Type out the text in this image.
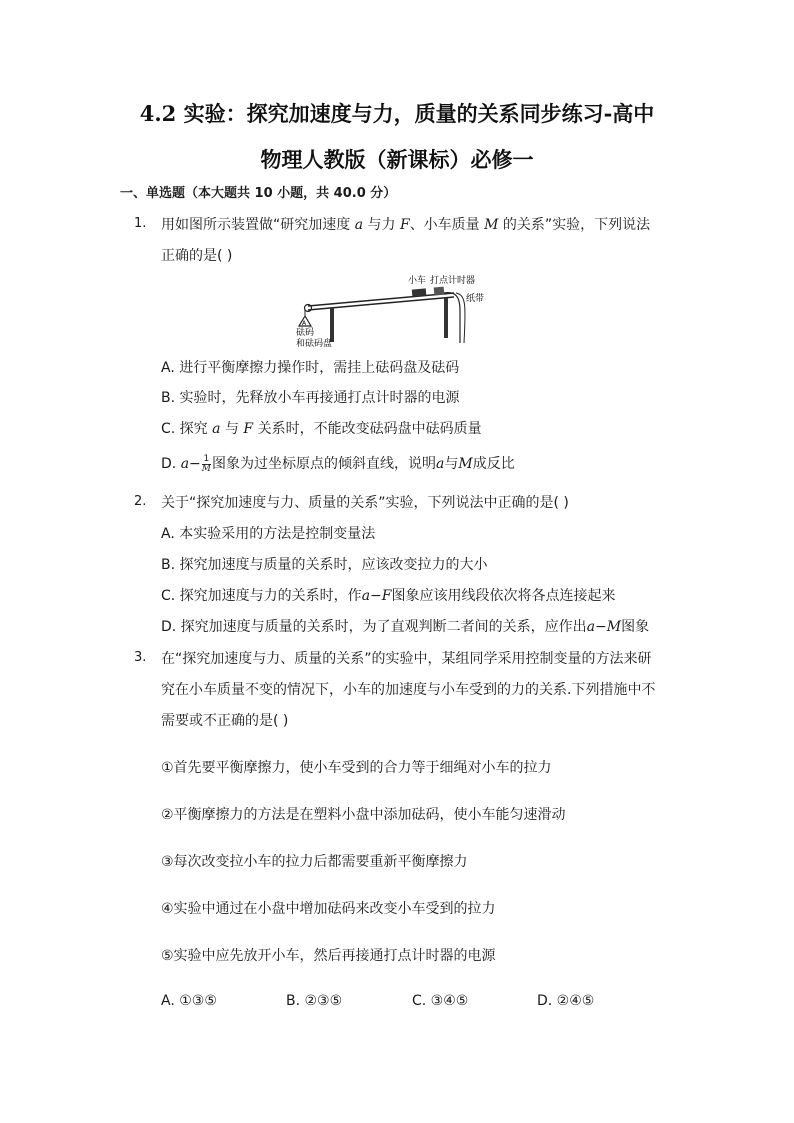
4.2 实验：探究加速度与力，质量的关系同步练习-高中
物理人教版（新课标）必修一
一、单选题（本大题共 10 小题，共 40.0 分）
1. 用如图所示装置做“研究加速度 a 与力 F、小车质量 M 的关系”实验，下列说法
正确的是( )
A
小车 打点计时器
纸带
砝码
和砝码盘
A. 进行平衡摩擦力操作时，需挂上砝码盘及砝码
B. 实验时，先释放小车再接通打点计时器的电源
C. 探究 a 与 F 关系时，不能改变砝码盘中砝码质量
D. $a- \frac{1}{M}$ 图象为过坐标原点的倾斜直线，说明a与M成反比
2. 关于“探究加速度与力、质量的关系”实验，下列说法中正确的是( )
A. 本实验采用的方法是控制变量法
B. 探究加速度与质量的关系时，应该改变拉力的大小
C. 探究加速度与力的关系时，作a−F图象应该用线段依次将各点连接起来
D. 探究加速度与质量的关系时，为了直观判断二者间的关系，应作出a−M图象
3. 在“探究加速度与力、质量的关系”的实验中，某组同学采用控制变量的方法来研
究在小车质量不变的情况下，小车的加速度与小车受到的力的关系.下列措施中不
需要或不正确的是( )
①首先要平衡摩擦力，使小车受到的合力等于细绳对小车的拉力
②平衡摩擦力的方法是在塑料小盘中添加砝码，使小车能匀速滑动
③每次改变拉小车的拉力后都需要重新平衡摩擦力
④实验中通过在小盘中增加砝码来改变小车受到的拉力
⑤实验中应先放开小车，然后再接通打点计时器的电源
A. ①③⑤	B. ②③⑤	C. ③④⑤	D. ②④⑤
